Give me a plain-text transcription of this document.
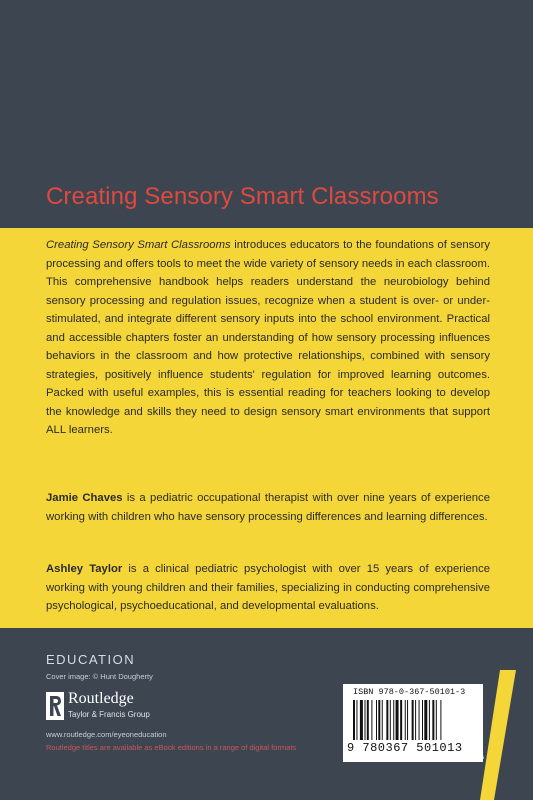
Creating Sensory Smart Classrooms

Creating Sensory Smart Classrooms introduces educators to the foundations of sensory processing and offers tools to meet the wide variety of sensory needs in each classroom. This comprehensive handbook helps readers understand the neurobiology behind sensory processing and regulation issues, recognize when a student is over- or under-stimulated, and integrate different sensory inputs into the school environment. Practical and accessible chapters foster an understanding of how sensory processing influences behaviors in the classroom and how protective relationships, combined with sensory strategies, positively influence students' regulation for improved learning outcomes. Packed with useful examples, this is essential reading for teachers looking to develop the knowledge and skills they need to design sensory smart environments that support ALL learners.

Jamie Chaves is a pediatric occupational therapist with over nine years of experience working with children who have sensory processing differences and learning differences.

Ashley Taylor is a clinical pediatric psychologist with over 15 years of experience working with young children and their families, specializing in conducting comprehensive psychological, psychoeducational, and developmental evaluations.

EDUCATION
Cover image: © Hunt Dougherty
Routledge
Taylor & Francis Group
www.routledge.com/eyeoneducation
Routledge titles are available as eBook editions in a range of digital formats
ISBN 978-0-367-50101-3
9 780367 501013
an informa business
